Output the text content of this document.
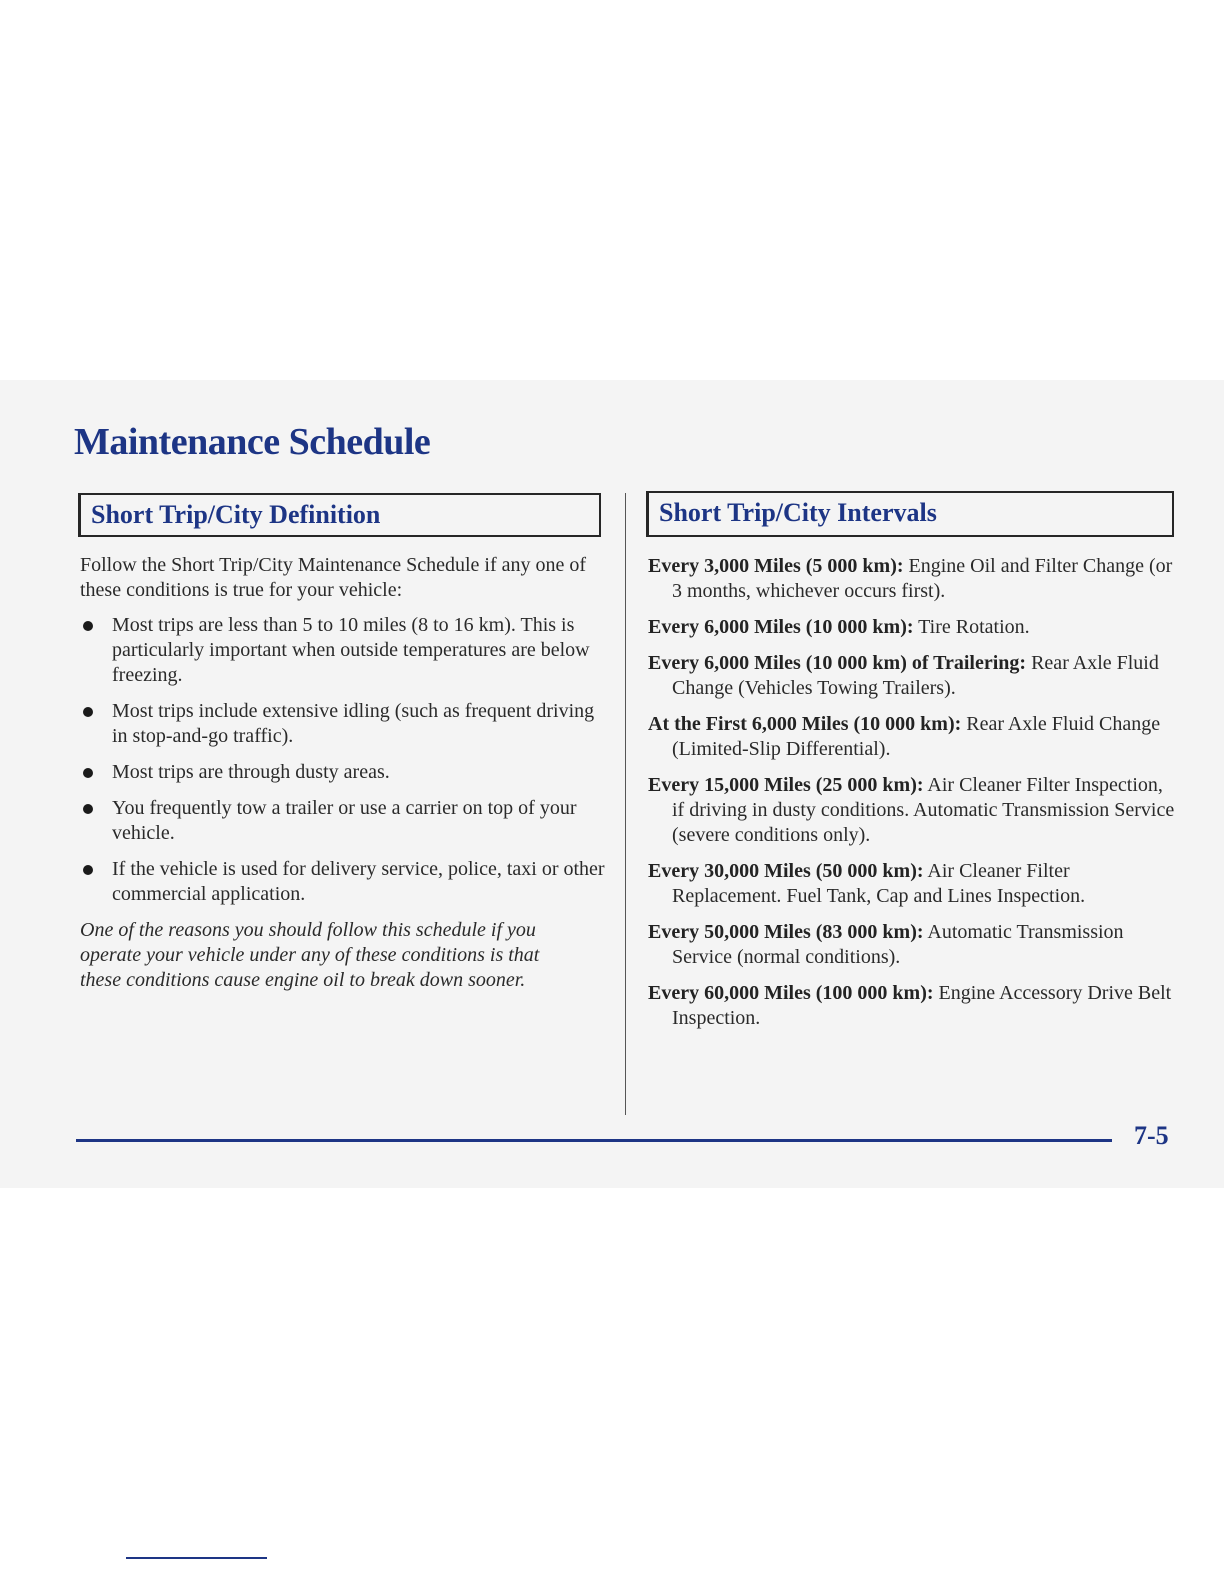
Maintenance Schedule
Short Trip/City Definition	Short Trip/City Intervals

Follow the Short Trip/City Maintenance Schedule if any one of these conditions is true for your vehicle:

Most trips are less than 5 to 10 miles (8 to 16 km). This is particularly important when outside temperatures are below freezing.
Most trips include extensive idling (such as frequent driving in stop-and-go traffic).
Most trips are through dusty areas.
You frequently tow a trailer or use a carrier on top of your vehicle.
If the vehicle is used for delivery service, police, taxi or other commercial application.

One of the reasons you should follow this schedule if you operate your vehicle under any of these conditions is that these conditions cause engine oil to break down sooner.

Every 3,000 Miles (5 000 km): Engine Oil and Filter Change (or 3 months, whichever occurs first).

Every 6,000 Miles (10 000 km): Tire Rotation.

Every 6,000 Miles (10 000 km) of Trailering: Rear Axle Fluid Change (Vehicles Towing Trailers).

At the First 6,000 Miles (10 000 km): Rear Axle Fluid Change (Limited-Slip Differential).

Every 15,000 Miles (25 000 km): Air Cleaner Filter Inspection, if driving in dusty conditions. Automatic Transmission Service (severe conditions only).

Every 30,000 Miles (50 000 km): Air Cleaner Filter Replacement. Fuel Tank, Cap and Lines Inspection.

Every 50,000 Miles (83 000 km): Automatic Transmission Service (normal conditions).

Every 60,000 Miles (100 000 km): Engine Accessory Drive Belt Inspection.

7-5
